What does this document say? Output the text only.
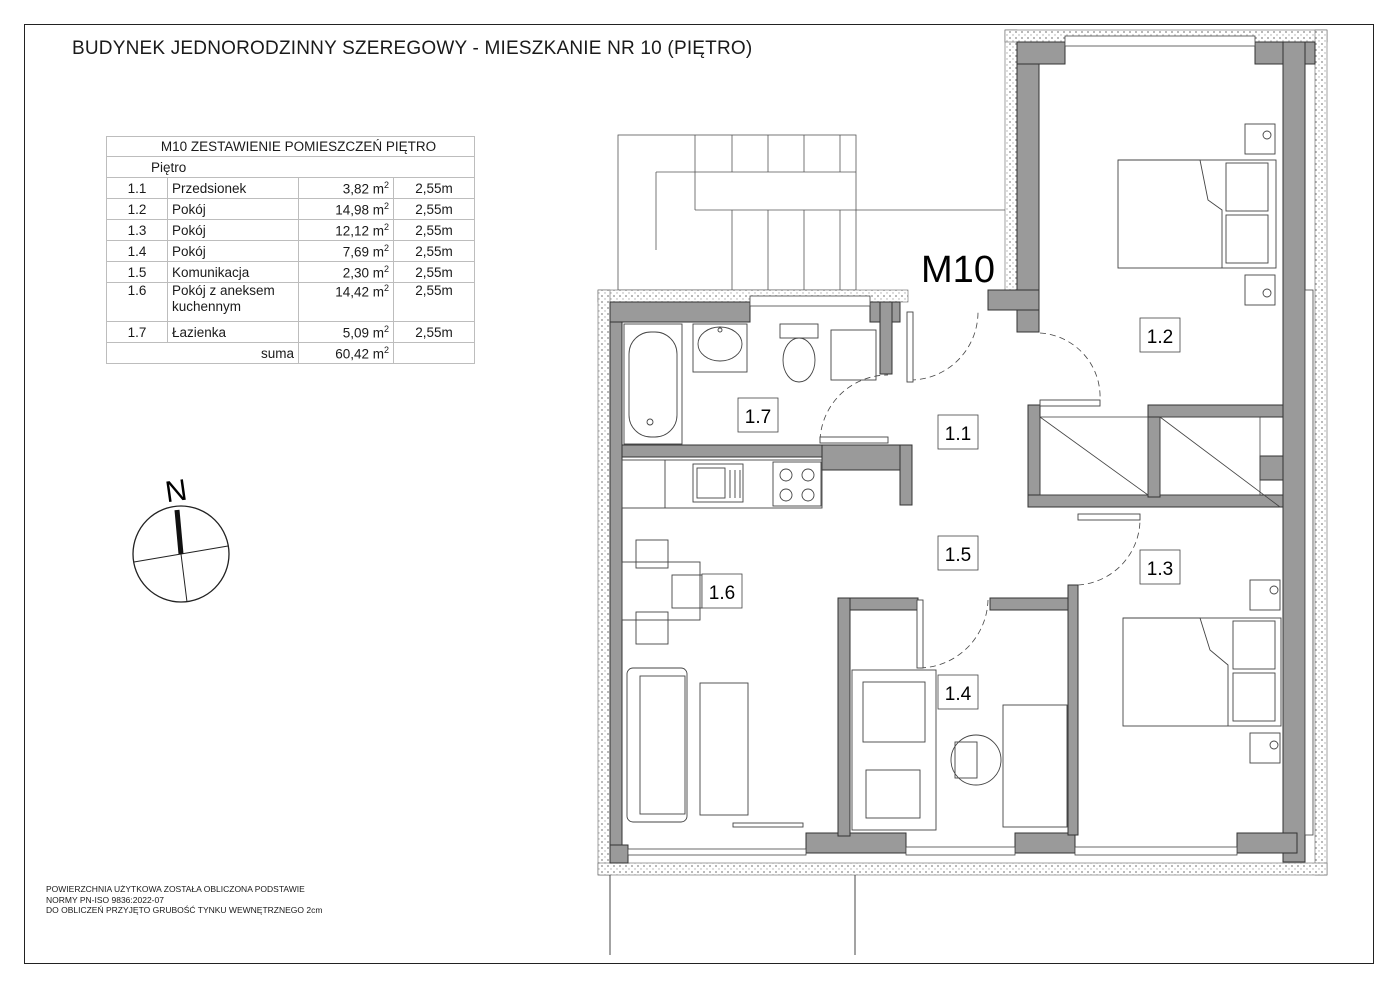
BUDYNEK JEDNORODZINNY SZEREGOWY - MIESZKANIE NR 10 (PIĘTRO)
M10 ZESTAWIENIE POMIESZCZEŃ PIĘTRO			
Piętro			
1.1	Przedsionek	3,82 $m^2$	2,55m
1.2	Pokój	14,98 $m^2$	2,55m
1.3	Pokój	12,12 $m^2$	2,55m
1.4	Pokój	7,69 $m^2$	2,55m
1.5	Komunikacja	2,30 $m^2$	2,55m
1.6	Pokój z aneksem kuchennym	14,42 $m^2$	2,55m
1.7	Łazienka	5,09 $m^2$	2,55m
	suma	60,42 $m^2$	
N
M10
1.1
1.2
1.3
1.4
1.5
1.6
1.7
POWIERZCHNIA UŻYTKOWA ZOSTAŁA OBLICZONA PODSTAWIE
NORMY PN-ISO 9836:2022-07
DO OBLICZEŃ PRZYJĘTO GRUBOŚĆ TYNKU WEWNĘTRZNEGO 2cm
